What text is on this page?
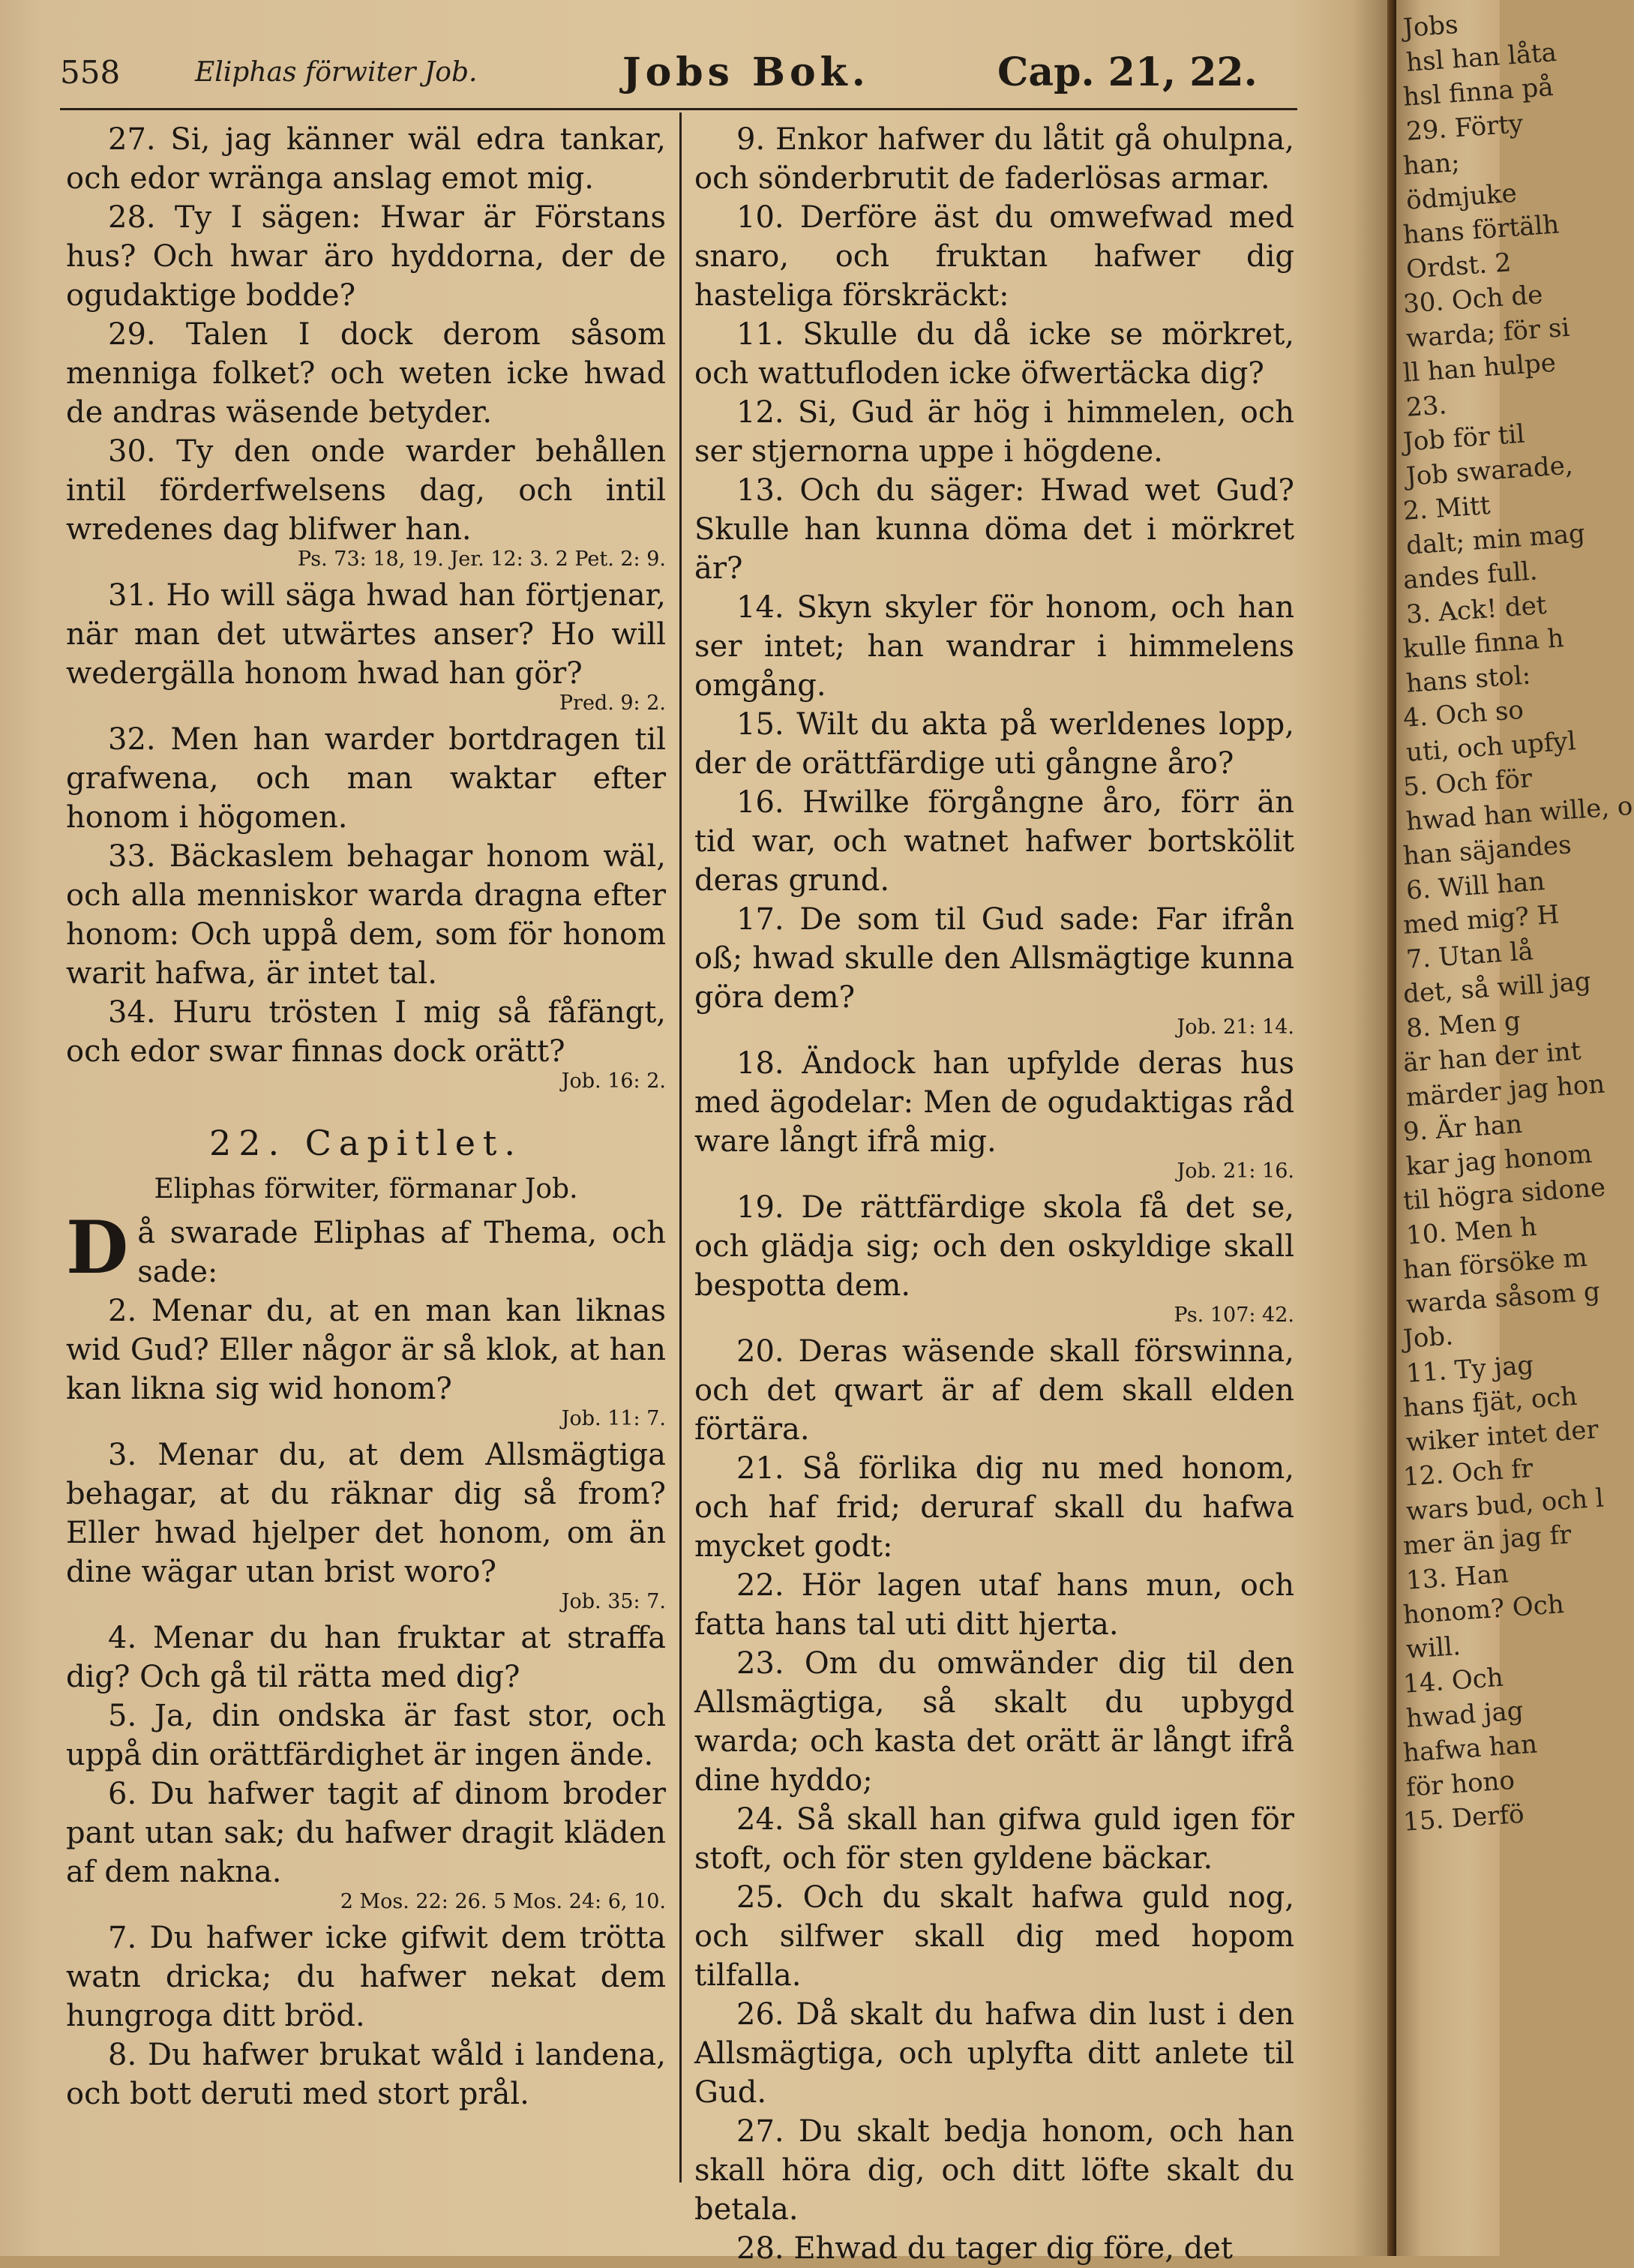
558	Eliphas förwiter Job.	Jobs Bok.	Cap. 21, 22.

27. Si, jag känner wäl edra tankar, och edor wränga anslag emot mig.

28. Ty I sägen: Hwar är Förstans hus? Och hwar äro hyddorna, der de ogudaktige bodde?

29. Talen I dock derom såsom menniga folket? och weten icke hwad de andras wäsende betyder.

30. Ty den onde warder behållen intil förderfwelsens dag, och intil wredenes dag blifwer han.

Ps. 73: 18, 19. Jer. 12: 3. 2 Pet. 2: 9.

31. Ho will säga hwad han förtjenar, när man det utwärtes anser? Ho will wedergälla honom hwad han gör?

Pred. 9: 2.

32. Men han warder bortdragen til grafwena, och man waktar efter honom i högomen.

33. Bäckaslem behagar honom wäl, och alla menniskor warda dragna efter honom: Och uppå dem, som för honom warit hafwa, är intet tal.

34. Huru trösten I mig så fåfängt, och edor swar finnas dock orätt?

Job. 16: 2.
22. Capitlet.
Eliphas förwiter, förmanar Job.

Då swarade Eliphas af Thema, och sade:

2. Menar du, at en man kan liknas wid Gud? Eller någor är så klok, at han kan likna sig wid honom?

Job. 11: 7.

3. Menar du, at dem Allsmägtiga behagar, at du räknar dig så from? Eller hwad hjelper det honom, om än dine wägar utan brist woro?

Job. 35: 7.

4. Menar du han fruktar at straffa dig? Och gå til rätta med dig?

5. Ja, din ondska är fast stor, och uppå din orättfärdighet är ingen ände.

6. Du hafwer tagit af dinom broder pant utan sak; du hafwer dragit kläden af dem nakna.

2 Mos. 22: 26. 5 Mos. 24: 6, 10.

7. Du hafwer icke gifwit dem trötta watn dricka; du hafwer nekat dem hungroga ditt bröd.

8. Du hafwer brukat wåld i landena, och bott deruti med stort prål.

9. Enkor hafwer du låtit gå ohulpna, och sönderbrutit de faderlösas armar.

10. Derföre äst du omwefwad med snaro, och fruktan hafwer dig hasteliga förskräckt:

11. Skulle du då icke se mörkret, och wattufloden icke öfwertäcka dig?

12. Si, Gud är hög i himmelen, och ser stjernorna uppe i högdene.

13. Och du säger: Hwad wet Gud? Skulle han kunna döma det i mörkret är?

14. Skyn skyler för honom, och han ser intet; han wandrar i himmelens omgång.

15. Wilt du akta på werldenes lopp, der de orättfärdige uti gångne åro?

16. Hwilke förgångne åro, förr än tid war, och watnet hafwer bortskölit deras grund.

17. De som til Gud sade: Far ifrån oß; hwad skulle den Allsmägtige kunna göra dem?

Job. 21: 14.

18. Ändock han upfylde deras hus med ägodelar: Men de ogudaktigas råd ware långt ifrå mig.

Job. 21: 16.

19. De rättfärdige skola få det se, och glädja sig; och den oskyldige skall bespotta dem.

Ps. 107: 42.

20. Deras wäsende skall förswinna, och det qwart är af dem skall elden förtära.

21. Så förlika dig nu med honom, och haf frid; deruraf skall du hafwa mycket godt:

22. Hör lagen utaf hans mun, och fatta hans tal uti ditt hjerta.

23. Om du omwänder dig til den Allsmägtiga, så skalt du upbygd warda; och kasta det orätt är långt ifrå dine hyddo;

24. Så skall han gifwa guld igen för stoft, och för sten gyldene bäckar.

25. Och du skalt hafwa guld nog, och silfwer skall dig med hopom tilfalla.

26. Då skalt du hafwa din lust i den Allsmägtiga, och uplyfta ditt anlete til Gud.

27. Du skalt bedja honom, och han skall höra dig, och ditt löfte skalt du betala.

28. Ehwad du tager dig före, det

Jobs
hsl han låta
hsl finna på
29. Förty
han;
ödmjuke
hans förtälh
Ordst. 2
30. Och de
warda; för si
ll han hulpe
23.
Job för til
Job swarade,
2. Mitt
dalt; min mag
andes full.
3. Ack! det
kulle finna h
hans stol:
4. Och so
uti, och upfyl
5. Och för
hwad han wille, o
han säjandes
6. Will han
med mig? H
7. Utan lå
det, så will jag
8. Men g
är han der int
märder jag hon
9. Är han
kar jag honom
til högra sidone
10. Men h
han försöke m
warda såsom g
Job.
11. Ty jag
hans fjät, och
wiker intet der
12. Och fr
wars bud, och l
mer än jag fr
13. Han
honom? Och
will.
14. Och
hwad jag
hafwa han
för hono
15. Derfö
